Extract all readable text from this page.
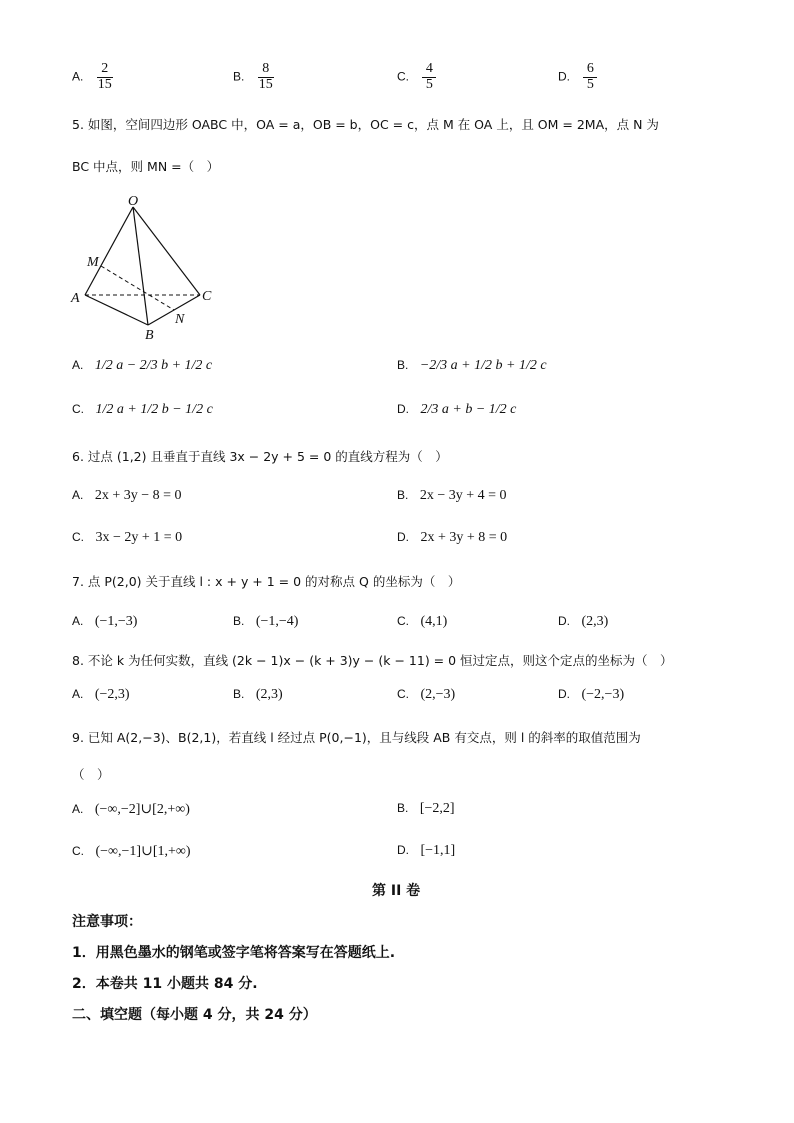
A. $\frac{2}{15}$	B. $\frac{8}{15}$	C. $\frac{4}{5}$	D. $\frac{6}{5}$
5. 如图，空间四边形 OABC 中，OA = a，OB = b，OC = c，点 M 在 OA 上，且 OM = 2MA，点 N 为
BC 中点，则 MN =（　）
O
M
A
B
C
N
A. 1/2 a − 2/3 b + 1/2 c	B. −2/3 a + 1/2 b + 1/2 c
C. 1/2 a + 1/2 b − 1/2 c	D. 2/3 a + b − 1/2 c
6. 过点 (1,2) 且垂直于直线 3x − 2y + 5 = 0 的直线方程为（　）
A. 2x + 3y − 8 = 0	B. 2x − 3y + 4 = 0
C. 3x − 2y + 1 = 0	D. 2x + 3y + 8 = 0
7. 点 P(2,0) 关于直线 l : x + y + 1 = 0 的对称点 Q 的坐标为（　）
A. (−1,−3)	B. (−1,−4)	C. (4,1)	D. (2,3)
8. 不论 k 为任何实数，直线 (2k − 1)x − (k + 3)y − (k − 11) = 0 恒过定点，则这个定点的坐标为（　）
A. (−2,3)	B. (2,3)	C. (2,−3)	D. (−2,−3)
9. 已知 A(2,−3)、B(2,1)，若直线 l 经过点 P(0,−1)，且与线段 AB 有交点，则 l 的斜率的取值范围为
（　）
A. (−∞,−2]∪[2,+∞)	B. [−2,2]
C. (−∞,−1]∪[1,+∞)	D. [−1,1]
第 II 卷
注意事项：
1．用黑色墨水的钢笔或签字笔将答案写在答题纸上.
2．本卷共 11 小题共 84 分.
二、填空题（每小题 4 分，共 24 分）
